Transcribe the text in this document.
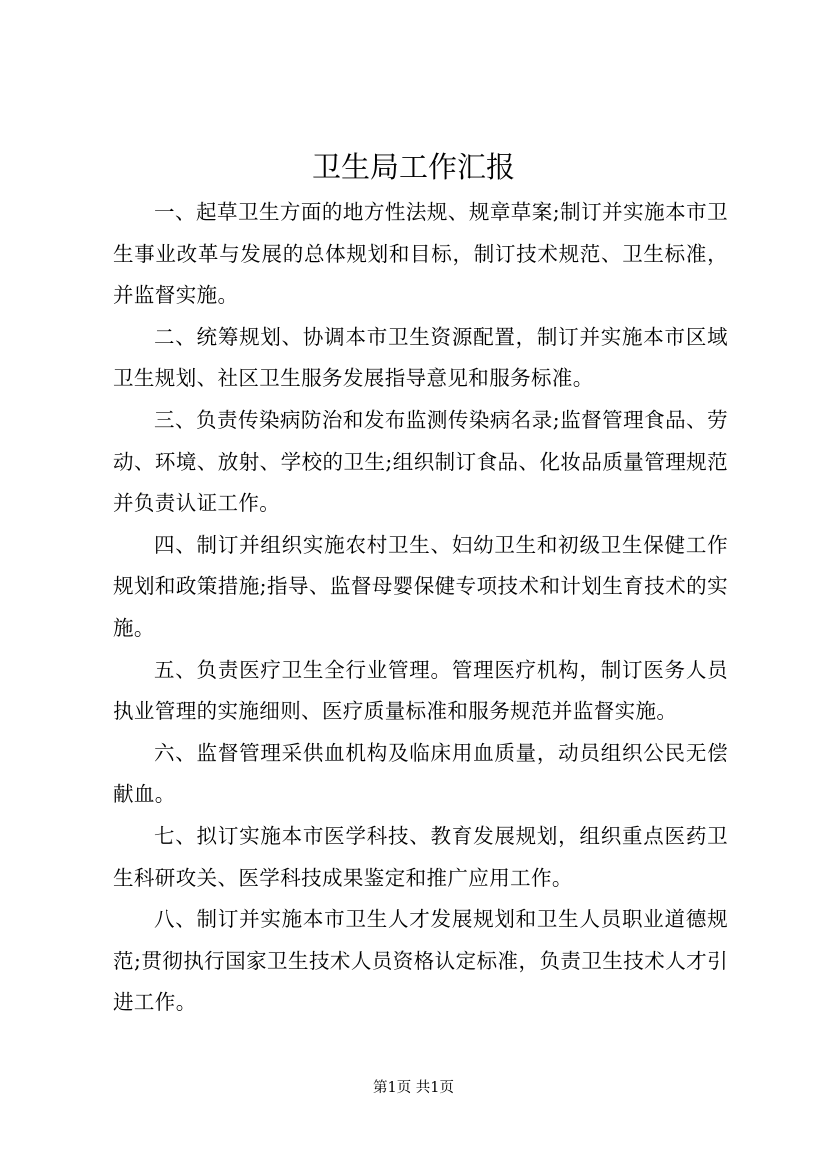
卫生局工作汇报

一、起草卫生方面的地方性法规、规章草案;制订并实施本市卫生事业改革与发展的总体规划和目标，制订技术规范、卫生标准，并监督实施。

二、统筹规划、协调本市卫生资源配置，制订并实施本市区域卫生规划、社区卫生服务发展指导意见和服务标准。

三、负责传染病防治和发布监测传染病名录;监督管理食品、劳动、环境、放射、学校的卫生;组织制订食品、化妆品质量管理规范并负责认证工作。

四、制订并组织实施农村卫生、妇幼卫生和初级卫生保健工作规划和政策措施;指导、监督母婴保健专项技术和计划生育技术的实施。

五、负责医疗卫生全行业管理。管理医疗机构，制订医务人员执业管理的实施细则、医疗质量标准和服务规范并监督实施。

六、监督管理采供血机构及临床用血质量，动员组织公民无偿献血。

七、拟订实施本市医学科技、教育发展规划，组织重点医药卫生科研攻关、医学科技成果鉴定和推广应用工作。

八、制订并实施本市卫生人才发展规划和卫生人员职业道德规范;贯彻执行国家卫生技术人员资格认定标准，负责卫生技术人才引进工作。

第1页 共1页
